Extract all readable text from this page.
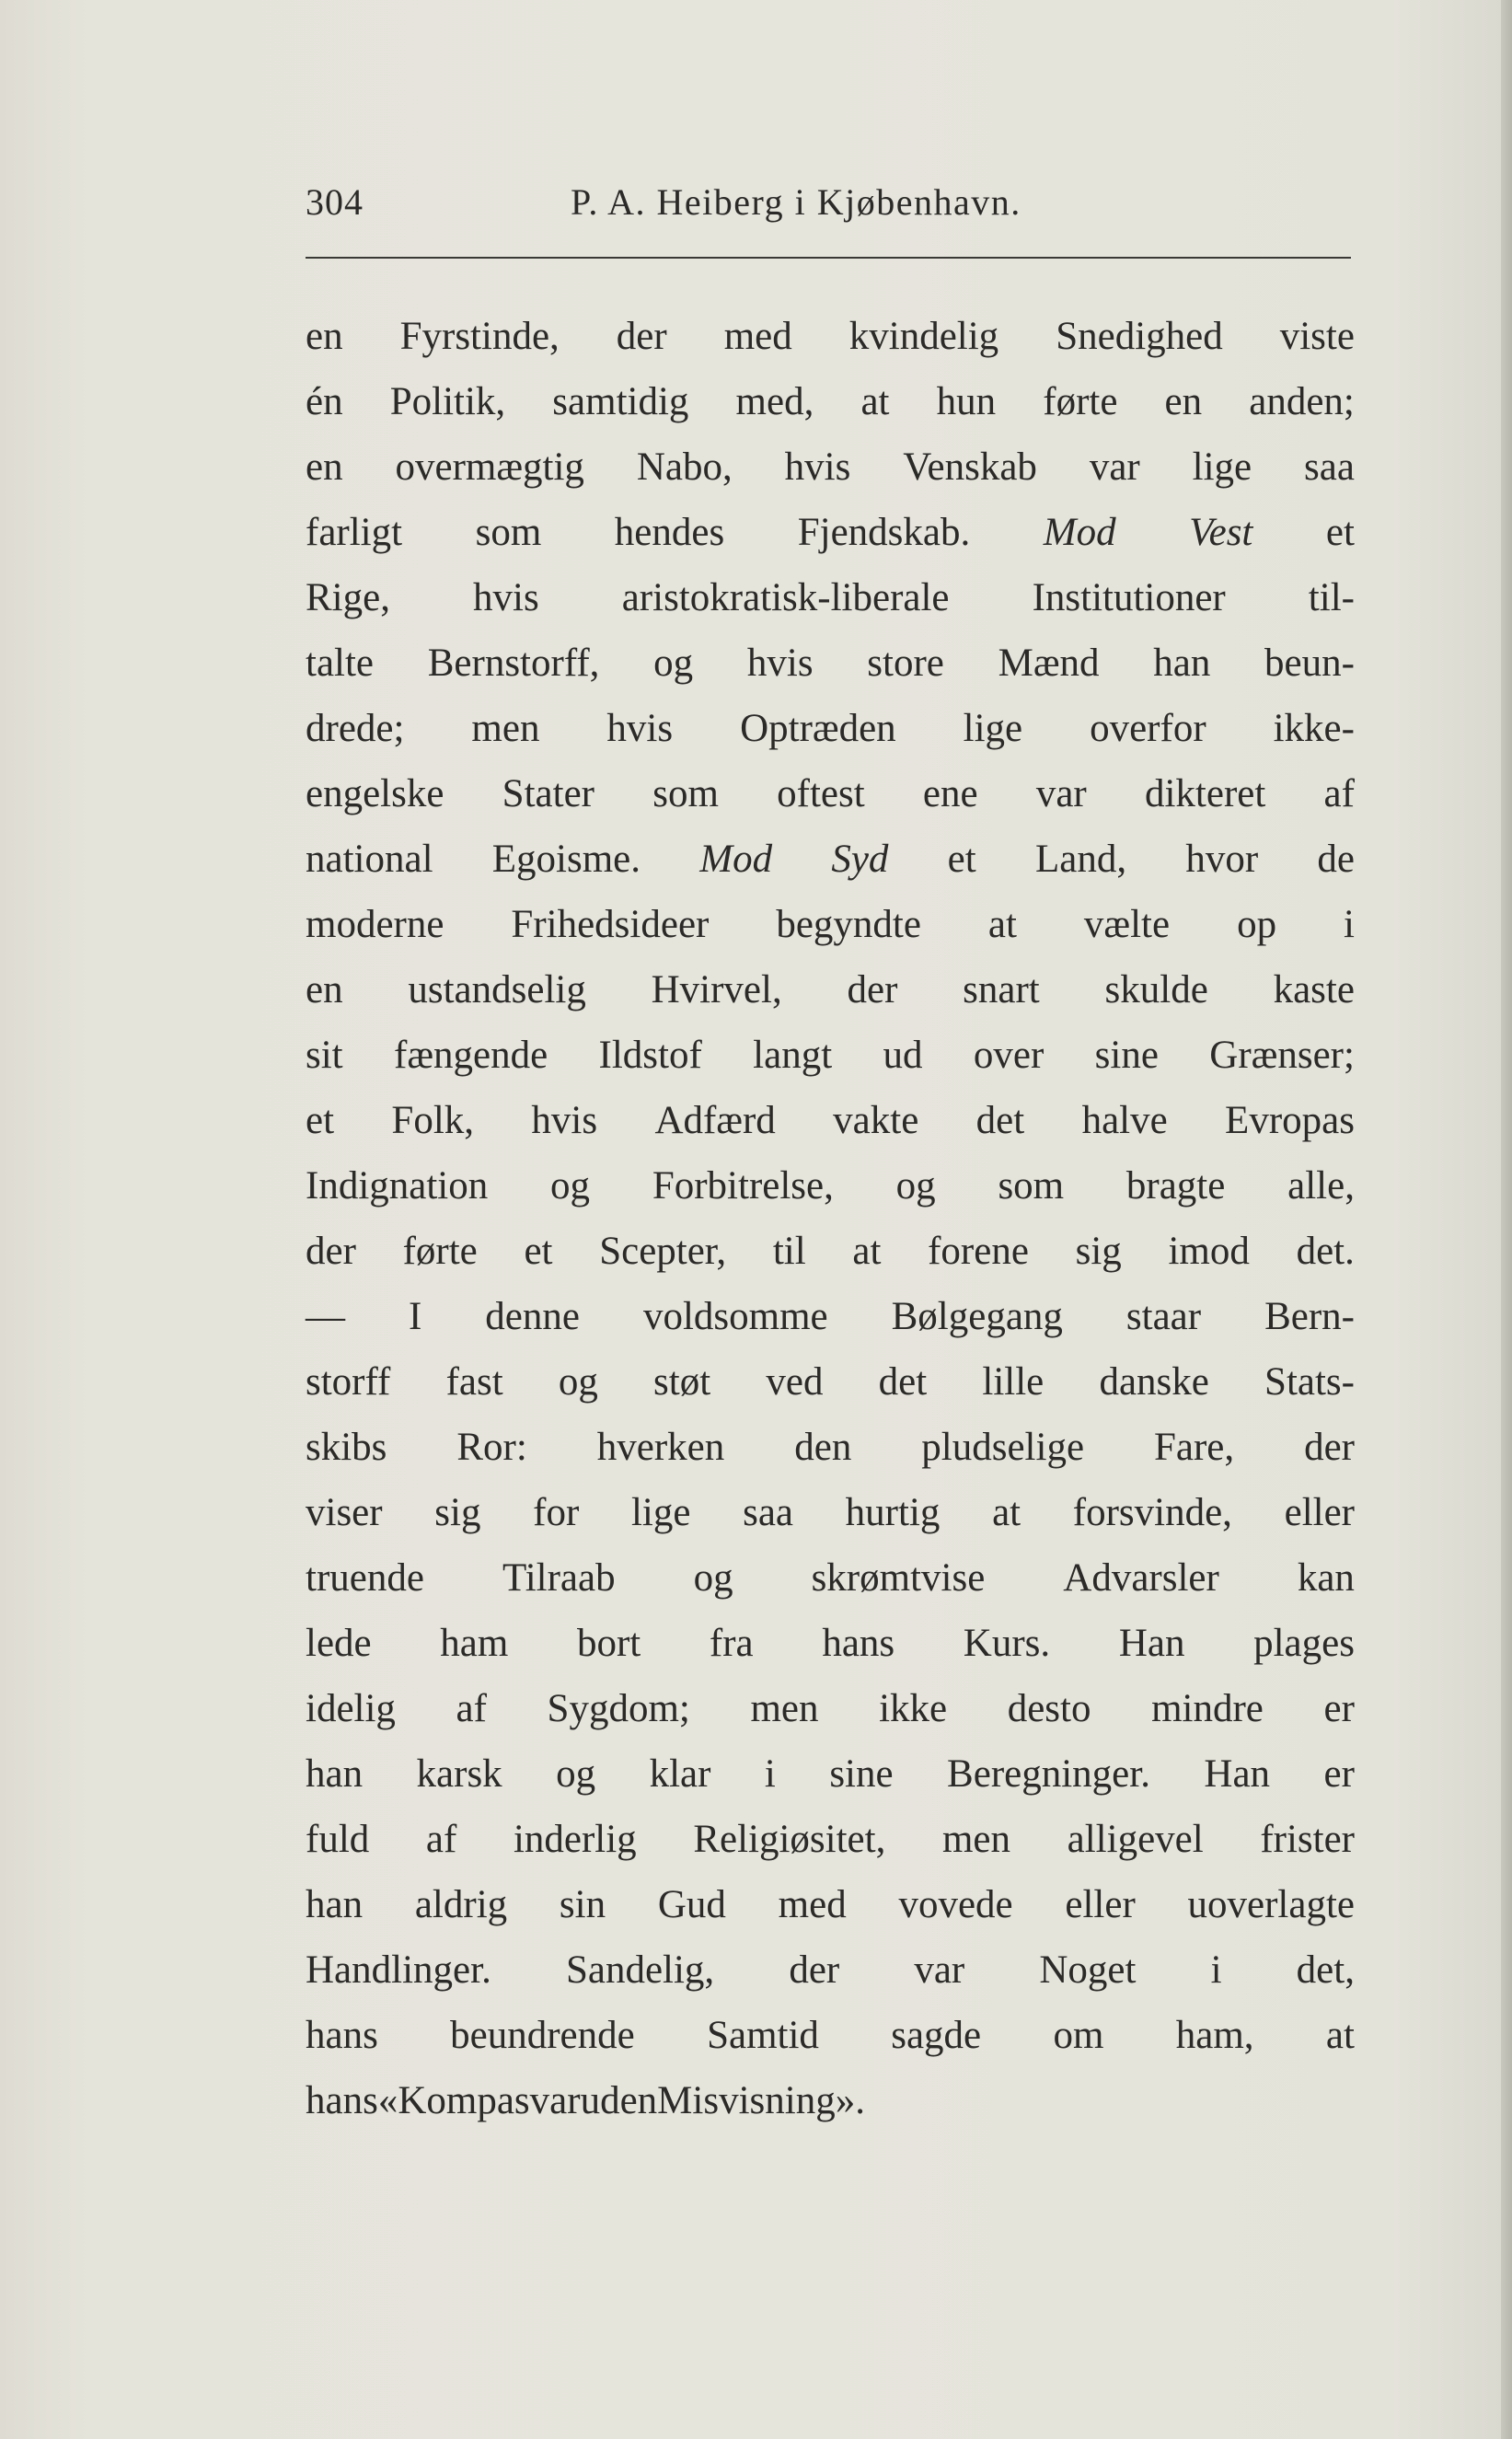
304	P. A. Heiberg i Kjøbenhavn.
en Fyrstinde, der med kvindelig Snedighed viste
én Politik, samtidig med, at hun førte en anden;
en overmægtig Nabo, hvis Venskab var lige saa
farligt som hendes Fjendskab. Mod Vest et
Rige, hvis aristokratisk-liberale Institutioner til-
talte Bernstorff, og hvis store Mænd han beun-
drede; men hvis Optræden lige overfor ikke-
engelske Stater som oftest ene var dikteret af
national Egoisme. Mod Syd et Land, hvor de
moderne Frihedsideer begyndte at vælte op i
en ustandselig Hvirvel, der snart skulde kaste
sit fængende Ildstof langt ud over sine Grænser;
et Folk, hvis Adfærd vakte det halve Evropas
Indignation og Forbitrelse, og som bragte alle,
der førte et Scepter, til at forene sig imod det.
— I denne voldsomme Bølgegang staar Bern-
storff fast og støt ved det lille danske Stats-
skibs Ror: hverken den pludselige Fare, der
viser sig for lige saa hurtig at forsvinde, eller
truende Tilraab og skrømtvise Advarsler kan
lede ham bort fra hans Kurs. Han plages
idelig af Sygdom; men ikke desto mindre er
han karsk og klar i sine Beregninger. Han er
fuld af inderlig Religiøsitet, men alligevel frister
han aldrig sin Gud med vovede eller uoverlagte
Handlinger. Sandelig, der var Noget i det,
hans beundrende Samtid sagde om ham, at
hans «Kompas var uden Misvisning».
